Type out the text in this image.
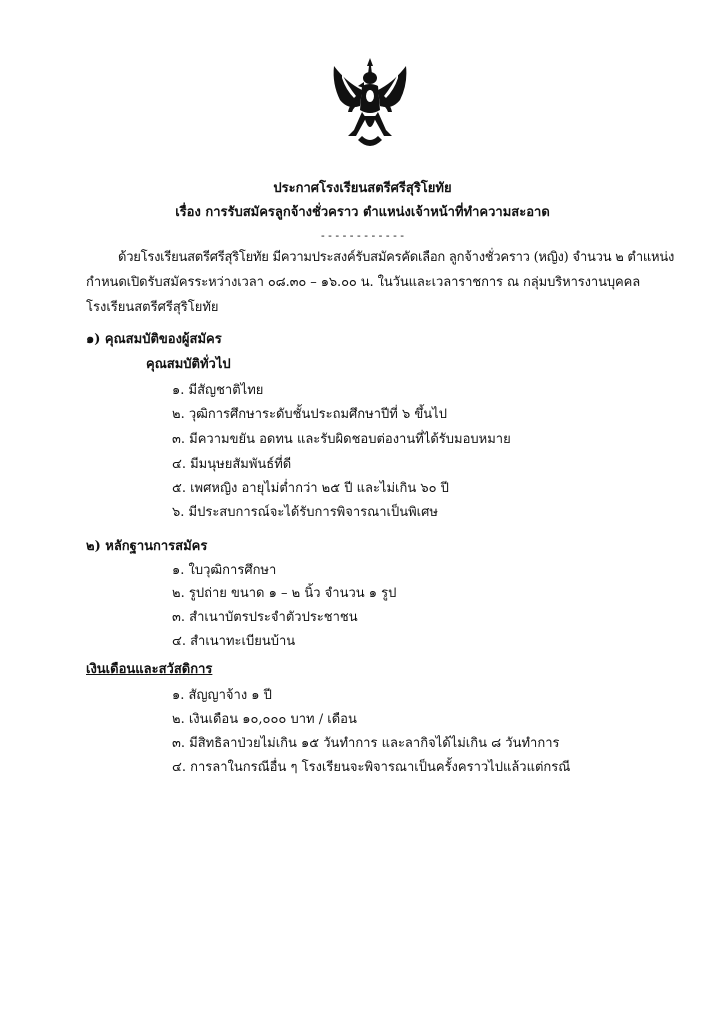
ประกาศโรงเรียนสตรีศรีสุริโยทัย
เรื่อง การรับสมัครลูกจ้างชั่วคราว ตำแหน่งเจ้าหน้าที่ทำความสะอาด
- - - - - - - - - - - -
ด้วยโรงเรียนสตรีศรีสุริโยทัย มีความประสงค์รับสมัครคัดเลือก ลูกจ้างชั่วคราว (หญิง) จำนวน ๒ ตำแหน่ง
กำหนดเปิดรับสมัครระหว่างเวลา ๐๘.๓๐ – ๑๖.๐๐ น. ในวันและเวลาราชการ ณ กลุ่มบริหารงานบุคคล
โรงเรียนสตรีศรีสุริโยทัย
๑) คุณสมบัติของผู้สมัคร
คุณสมบัติทั่วไป
๑. มีสัญชาติไทย
๒. วุฒิการศึกษาระดับชั้นประถมศึกษาปีที่ ๖ ขึ้นไป
๓. มีความขยัน อดทน และรับผิดชอบต่องานที่ได้รับมอบหมาย
๔. มีมนุษยสัมพันธ์ที่ดี
๕. เพศหญิง อายุไม่ต่ำกว่า ๒๕ ปี และไม่เกิน ๖๐ ปี
๖. มีประสบการณ์จะได้รับการพิจารณาเป็นพิเศษ
๒) หลักฐานการสมัคร
๑. ใบวุฒิการศึกษา
๒. รูปถ่าย ขนาด ๑ – ๒ นิ้ว จำนวน ๑ รูป
๓. สำเนาบัตรประจำตัวประชาชน
๔. สำเนาทะเบียนบ้าน
เงินเดือนและสวัสดิการ
๑. สัญญาจ้าง ๑ ปี
๒. เงินเดือน ๑๐,๐๐๐ บาท / เดือน
๓. มีสิทธิลาป่วยไม่เกิน ๑๕ วันทำการ และลากิจได้ไม่เกิน ๘ วันทำการ
๔. การลาในกรณีอื่น ๆ โรงเรียนจะพิจารณาเป็นครั้งคราวไปแล้วแต่กรณี
